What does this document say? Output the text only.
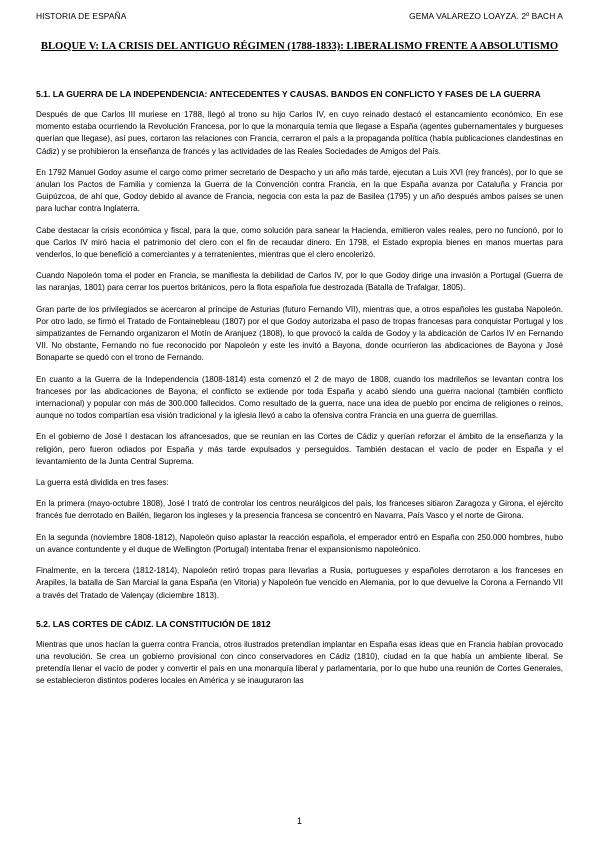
HISTORIA DE ESPAÑA	GEMA VALAREZO LOAYZA. 2º BACH A
BLOQUE V: LA CRISIS DEL ANTIGUO RÉGIMEN (1788-1833): LIBERALISMO FRENTE A ABSOLUTISMO
5.1. LA GUERRA DE LA INDEPENDENCIA: ANTECEDENTES Y CAUSAS. BANDOS EN CONFLICTO Y FASES DE LA GUERRA

Después de que Carlos III muriese en 1788, llegó al trono su hijo Carlos IV, en cuyo reinado destacó el estancamiento económico. En ese momento estaba ocurriendo la Revolución Francesa, por lo que la monarquía temía que llegase a España (agentes gubernamentales y burgueses querían que llegase), así pues, cortaron las relaciones con Francia, cerraron el país a la propaganda política (había publicaciones clandestinas en Cádiz) y se prohibieron la enseñanza de francés y las actividades de las Reales Sociedades de Amigos del País.

En 1792 Manuel Godoy asume el cargo como primer secretario de Despacho y un año más tarde, ejecutan a Luis XVI (rey francés), por lo que se anulan los Pactos de Familia y comienza la Guerra de la Convención contra Francia, en la que España avanza por Cataluña y Francia por Guipúzcoa, de ahí que, Godoy debido al avance de Francia, negocia con esta la paz de Basilea (1795) y un año después ambos países se unen para luchar contra Inglaterra.

Cabe destacar la crisis económica y fiscal, para la que, como solución para sanear la Hacienda, emitieron vales reales, pero no funcionó, por lo que Carlos IV miró hacia el patrimonio del clero con el fin de recaudar dinero. En 1798, el Estado expropia bienes en manos muertas para venderlos, lo que benefició a comerciantes y a terratenientes, mientras que el clero encolerizó.

Cuando Napoleón toma el poder en Francia, se manifiesta la debilidad de Carlos IV, por lo que Godoy dirige una invasión a Portugal (Guerra de las naranjas, 1801) para cerrar los puertos británicos, pero la flota española fue destrozada (Batalla de Trafalgar, 1805).

Gran parte de los privilegiados se acercaron al príncipe de Asturias (futuro Fernando VII), mientras que, a otros españoles les gustaba Napoleón. Por otro lado, se firmó el Tratado de Fontainebleau (1807) por el que Godoy autorizaba el paso de tropas francesas para conquistar Portugal y los simpatizantes de Fernando organizaron el Motín de Aranjuez (1808), lo que provocó la caída de Godoy y la abdicación de Carlos IV en Fernando VII. No obstante, Fernando no fue reconocido por Napoleón y este les invitó a Bayona, donde ocurrieron las abdicaciones de Bayona y José Bonaparte se quedó con el trono de Fernando.

En cuanto a la Guerra de la Independencia (1808-1814) esta comenzó el 2 de mayo de 1808, cuando los madrileños se levantan contra los franceses por las abdicaciones de Bayona, el conflicto se extiende por toda España y acabó siendo una guerra nacional (también conflicto internacional) y popular con más de 300.000 fallecidos. Como resultado de la guerra, nace una idea de pueblo por encima de religiones o reinos, aunque no todos compartían esa visión tradicional y la iglesia llevó a cabo la ofensiva contra Francia en una guerra de guerrillas.

En el gobierno de José I destacan los afrancesados, que se reunían en las Cortes de Cádiz y querían reforzar el ámbito de la enseñanza y la religión, pero fueron odiados por España y más tarde expulsados y perseguidos. También destacan el vacío de poder en España y el levantamiento de la Junta Central Suprema.

La guerra está dividida en tres fases:

En la primera (mayo-octubre 1808), José I trató de controlar los centros neurálgicos del país, los franceses sitiaron Zaragoza y Girona, el ejército francés fue derrotado en Bailén, llegaron los ingleses y la presencia francesa se concentró en Navarra, País Vasco y el norte de Girona.

En la segunda (noviembre 1808-1812), Napoleón quiso aplastar la reacción española, el emperador entró en España con 250.000 hombres, hubo un avance contundente y el duque de Wellington (Portugal) intentaba frenar el expansionismo napoleónico.

Finalmente, en la tercera (1812-1814), Napoleón retiró tropas para llevarlas a Rusia, portugueses y españoles derrotaron a los franceses en Arapiles, la batalla de San Marcial la gana España (en Vitoria) y Napoleón fue vencido en Alemania, por lo que devuelve la Corona a Fernando VII a través del Tratado de Valençay (diciembre 1813).

5.2. LAS CORTES DE CÁDIZ. LA CONSTITUCIÓN DE 1812

Mientras que unos hacían la guerra contra Francia, otros ilustrados pretendían implantar en España esas ideas que en Francia habían provocado una revolución. Se crea un gobierno provisional con cinco conservadores en Cádiz (1810), ciudad en la que había un ambiente liberal. Se pretendía llenar el vacío de poder y convertir el país en una monarquía liberal y parlamentaria, por lo que hubo una reunión de Cortes Generales, se establecieron distintos poderes locales en América y se inauguraron las

1
